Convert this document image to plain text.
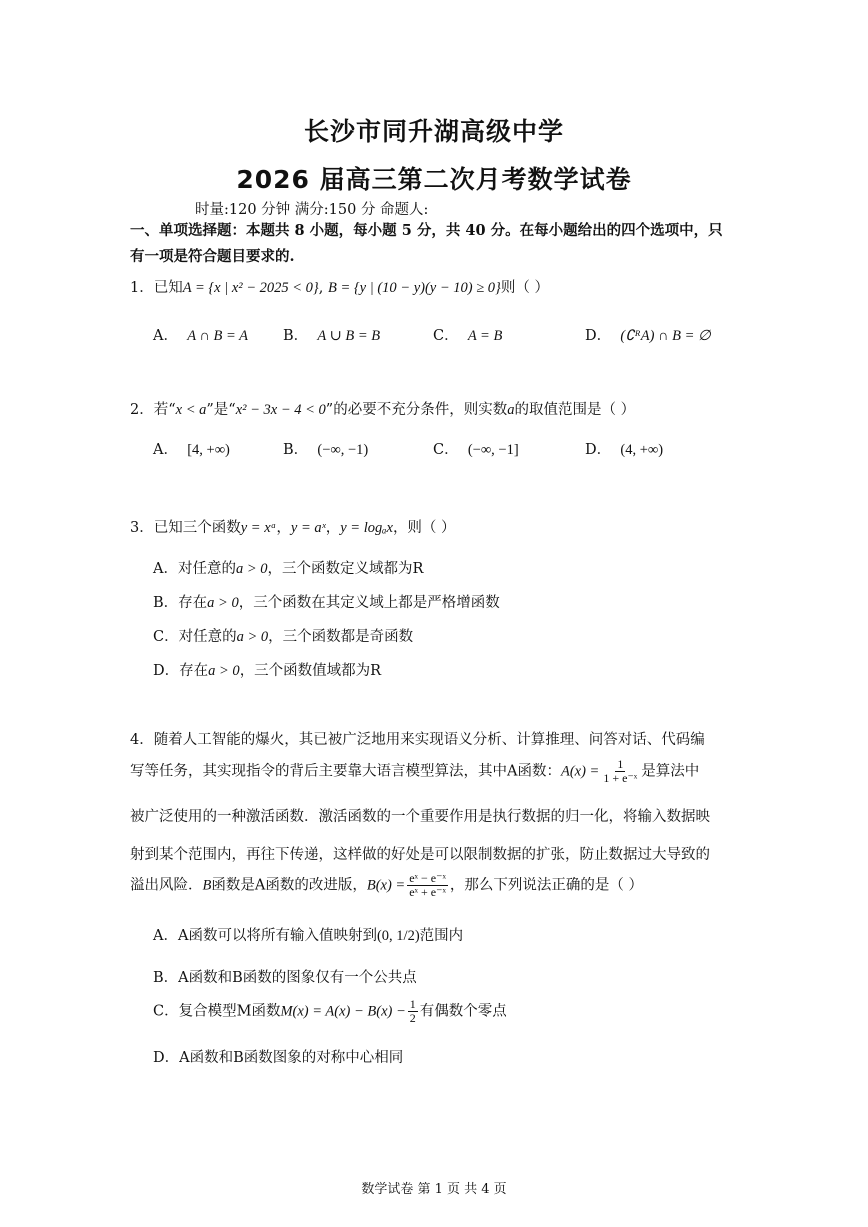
长沙市同升湖高级中学
2026 届高三第二次月考数学试卷
时量:120 分钟 满分:150 分 命题人:
一、单项选择题：本题共 8 小题，每小题 5 分，共 40 分。在每小题给出的四个选项中，只
有一项是符合题目要求的.
1．已知A = {x | x² − 2025 < 0}, B = {y | (10 − y)(y − 10) ≥ 0}则（ ）
A． A ∩ B = A B． A ∪ B = B	C． A = B	D． (∁ᴿA) ∩ B = ∅
2．若“x < a”是“x² − 3x − 4 < 0”的必要不充分条件，则实数a的取值范围是（ ）
A． [4, +∞)	B． (−∞, −1)	C． (−∞, −1]	D． (4, +∞)
3．已知三个函数y = xᵃ，y = aˣ，y = logₐx，则（ ）
A．对任意的a > 0，三个函数定义域都为R
B．存在a > 0，三个函数在其定义域上都是严格增函数
C．对任意的a > 0，三个函数都是奇函数
D．存在a > 0，三个函数值域都为R
4．随着人工智能的爆火，其已被广泛地用来实现语义分析、计算推理、问答对话、代码编
写等任务，其实现指令的背后主要靠大语言模型算法，其中A函数：$A(x) = \frac{1}{\text{1 + e⁻ˣ}}$ 是算法中
被广泛使用的一种激活函数．激活函数的一个重要作用是执行数据的归一化，将输入数据映
射到某个范围内，再往下传递，这样做的好处是可以限制数据的扩张，防止数据过大导致的
溢出风险．B函数是A函数的改进版，$B(x) = \frac{\text{eˣ − e⁻ˣ}}{\text{eˣ + e⁻ˣ}}$ ，那么下列说法正确的是（ ）
A．A函数可以将所有输入值映射到(0, 1/2)范围内
B．A函数和B函数的图象仅有一个公共点
C．复合模型M函数$M(x) = A(x) - B(x) - \frac{1}{2}$ 有偶数个零点
D．A函数和B函数图象的对称中心相同
数学试卷 第 1 页 共 4 页
